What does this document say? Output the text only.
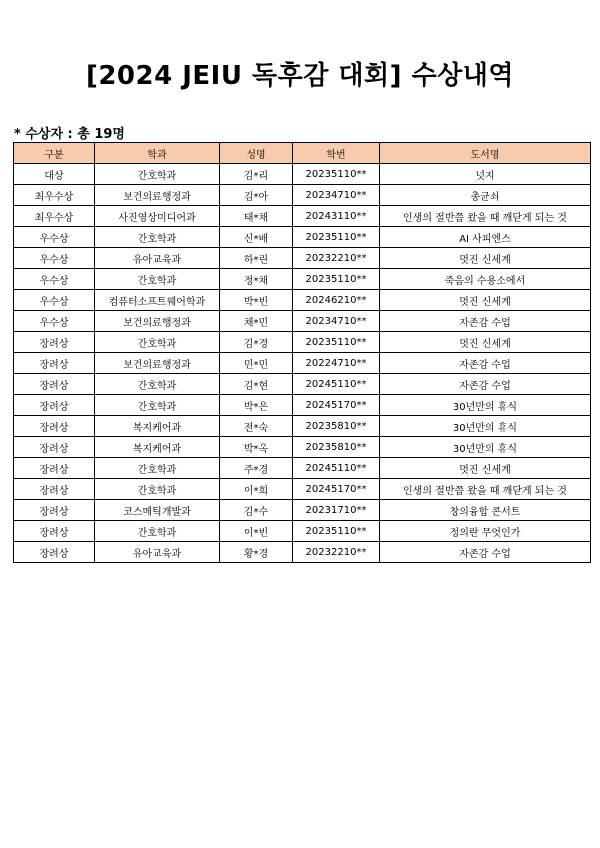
[2024 JEIU 독후감 대회] 수상내역
* 수상자 : 총 19명
구분	학과	성명	학번	도서명
대상	간호학과	김*리	20235110**	넛지
최우수상	보건의료행정과	김*아	20234710**	총균쇠
최우수상	사진영상미디어과	태*채	20243110**	인생의 절반쯤 왔을 때 깨닫게 되는 것
우수상	간호학과	신*배	20235110**	AI 사피엔스
우수상	유아교육과	하*린	20232210**	멋진 신세계
우수상	간호학과	정*채	20235110**	죽음의 수용소에서
우수상	컴퓨터소프트웨어학과	박*빈	20246210**	멋진 신세계
우수상	보건의료행정과	채*민	20234710**	자존감 수업
장려상	간호학과	김*경	20235110**	멋진 신세계
장려상	보건의료행정과	민*민	20224710**	자존감 수업
장려상	간호학과	김*현	20245110**	자존감 수업
장려상	간호학과	박*은	20245170**	30년만의 휴식
장려상	복지케어과	전*숙	20235810**	30년만의 휴식
장려상	복지케어과	박*옥	20235810**	30년만의 휴식
장려상	간호학과	주*경	20245110**	멋진 신세계
장려상	간호학과	이*희	20245170**	인생의 절반쯤 왔을 때 깨닫게 되는 것
장려상	코스메틱개발과	김*수	20231710**	창의융합 콘서트
장려상	간호학과	이*빈	20235110**	정의란 무엇인가
장려상	유아교육과	황*경	20232210**	자존감 수업
